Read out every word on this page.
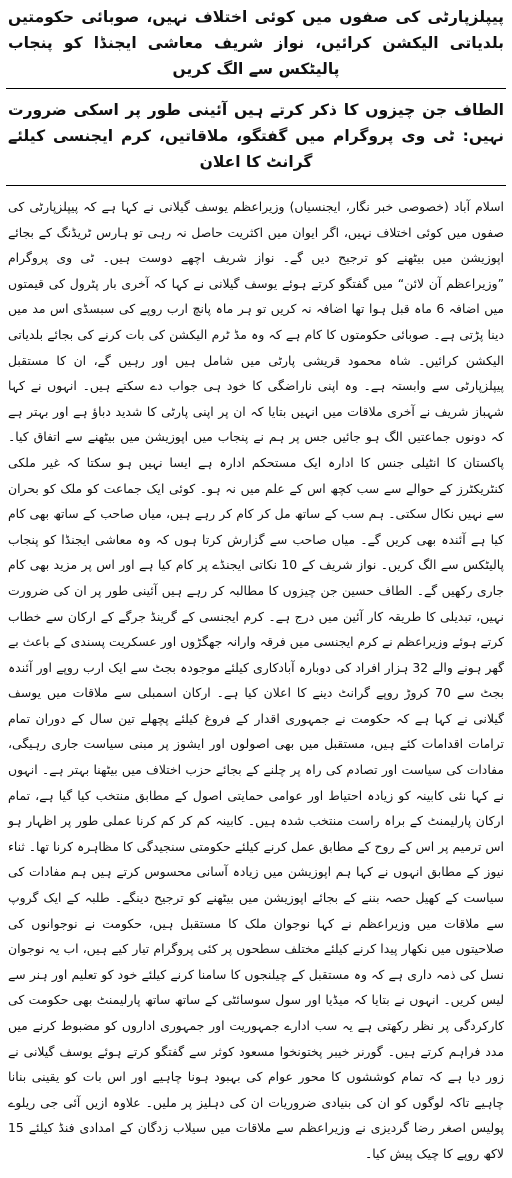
پیپلزپارٹی کی صفوں میں کوئی اختلاف نہیں، صوبائی حکومتیں بلدیاتی الیکشن کرائیں، نواز شریف معاشی ایجنڈا کو پنجاب پالیٹکس سے الگ کریں
الطاف جن چیزوں کا ذکر کرتے ہیں آئینی طور پر اسکی ضرورت نہیں: ٹی وی پروگرام میں گفتگو، ملاقاتیں، کرم ایجنسی کیلئے گرانٹ کا اعلان

اسلام آباد (خصوصی خبر نگار، ایجنسیاں) وزیراعظم یوسف گیلانی نے کہا ہے کہ پیپلزپارٹی کی صفوں میں کوئی اختلاف نہیں، اگر ایوان میں اکثریت حاصل نہ رہی تو ہارس ٹریڈنگ کے بجائے اپوزیشن میں بیٹھنے کو ترجیح دیں گے۔ نواز شریف اچھے دوست ہیں۔ ٹی وی پروگرام ”وزیراعظم آن لائن“ میں گفتگو کرتے ہوئے یوسف گیلانی نے کہا کہ آخری بار پٹرول کی قیمتوں میں اضافہ 6 ماہ قبل ہوا تھا اضافہ نہ کریں تو ہر ماہ پانچ ارب روپے کی سبسڈی اس مد میں دینا پڑتی ہے۔ صوبائی حکومتوں کا کام ہے کہ وہ مڈ ٹرم الیکشن کی بات کرنے کی بجائے بلدیاتی الیکشن کرائیں۔ شاہ محمود قریشی پارٹی میں شامل ہیں اور رہیں گے، ان کا مستقبل پیپلزپارٹی سے وابستہ ہے۔ وہ اپنی ناراضگی کا خود ہی جواب دے سکتے ہیں۔ انہوں نے کہا شہباز شریف نے آخری ملاقات میں انہیں بتایا کہ ان پر اپنی پارٹی کا شدید دباؤ ہے اور بہتر ہے کہ دونوں جماعتیں الگ ہو جائیں جس پر ہم نے پنجاب میں اپوزیشن میں بیٹھنے سے اتفاق کیا۔ پاکستان کا انٹیلی جنس کا ادارہ ایک مستحکم ادارہ ہے ایسا نہیں ہو سکتا کہ غیر ملکی کنٹریکٹرز کے حوالے سے سب کچھ اس کے علم میں نہ ہو۔ کوئی ایک جماعت کو ملک کو بحران سے نہیں نکال سکتی۔ ہم سب کے ساتھ مل کر کام کر رہے ہیں، میاں صاحب کے ساتھ بھی کام کیا ہے آئندہ بھی کریں گے۔ میاں صاحب سے گزارش کرتا ہوں کہ وہ معاشی ایجنڈا کو پنجاب پالیٹکس سے الگ کریں۔ نواز شریف کے 10 نکاتی ایجنڈے پر کام کیا ہے اور اس پر مزید بھی کام جاری رکھیں گے۔ الطاف حسین جن چیزوں کا مطالبہ کر رہے ہیں آئینی طور پر ان کی ضرورت نہیں، تبدیلی کا طریقہ کار آئین میں درج ہے۔ کرم ایجنسی کے گرینڈ جرگے کے ارکان سے خطاب کرتے ہوئے وزیراعظم نے کرم ایجنسی میں فرقہ وارانہ جھگڑوں اور عسکریت پسندی کے باعث بے گھر ہونے والے 32 ہزار افراد کی دوبارہ آبادکاری کیلئے موجودہ بجٹ سے ایک ارب روپے اور آئندہ بجٹ سے 70 کروڑ روپے گرانٹ دینے کا اعلان کیا ہے۔ ارکان اسمبلی سے ملاقات میں یوسف گیلانی نے کہا ہے کہ حکومت نے جمہوری اقدار کے فروغ کیلئے پچھلے تین سال کے دوران تمام ترامات اقدامات کئے ہیں، مستقبل میں بھی اصولوں اور ایشوز پر مبنی سیاست جاری رہیگی، مفادات کی سیاست اور تصادم کی راہ پر چلنے کے بجائے حزب اختلاف میں بیٹھنا بہتر ہے۔ انہوں نے کہا نئی کابینہ کو زیادہ احتیاط اور عوامی حمایتی اصول کے مطابق منتخب کیا گیا ہے، تمام ارکان پارلیمنٹ کے براہ راست منتخب شدہ ہیں۔ کابینہ کم کر کم کرنا عملی طور پر اظہار ہو اس ترمیم پر اس کے روح کے مطابق عمل کرنے کیلئے حکومتی سنجیدگی کا مظاہرہ کرنا تھا۔ ثناء نیوز کے مطابق انہوں نے کہا ہم اپوزیشن میں زیادہ آسانی محسوس کرتے ہیں ہم مفادات کی سیاست کے کھیل حصہ بننے کے بجائے اپوزیشن میں بیٹھنے کو ترجیح دینگے۔ طلبہ کے ایک گروپ سے ملاقات میں وزیراعظم نے کہا نوجوان ملک کا مستقبل ہیں، حکومت نے نوجوانوں کی صلاحیتوں میں نکھار پیدا کرنے کیلئے مختلف سطحوں پر کئی پروگرام تیار کیے ہیں، اب یہ نوجوان نسل کی ذمہ داری ہے کہ وہ مستقبل کے چیلنجوں کا سامنا کرنے کیلئے خود کو تعلیم اور ہنر سے لیس کریں۔ انہوں نے بتایا کہ میڈیا اور سول سوسائٹی کے ساتھ ساتھ پارلیمنٹ بھی حکومت کی کارکردگی پر نظر رکھتی ہے یہ سب ادارے جمہوریت اور جمہوری اداروں کو مضبوط کرنے میں مدد فراہم کرتے ہیں۔ گورنر خیبر پختونخوا مسعود کوثر سے گفتگو کرتے ہوئے یوسف گیلانی نے زور دیا ہے کہ تمام کوششوں کا محور عوام کی بہبود ہونا چاہیے اور اس بات کو یقینی بنانا چاہیے تاکہ لوگوں کو ان کی بنیادی ضروریات ان کی دہلیز پر ملیں۔ علاوہ ازیں آئی جی ریلوے پولیس اصغر رضا گردیزی نے وزیراعظم سے ملاقات میں سیلاب زدگان کے امدادی فنڈ کیلئے 15 لاکھ روپے کا چیک پیش کیا۔
